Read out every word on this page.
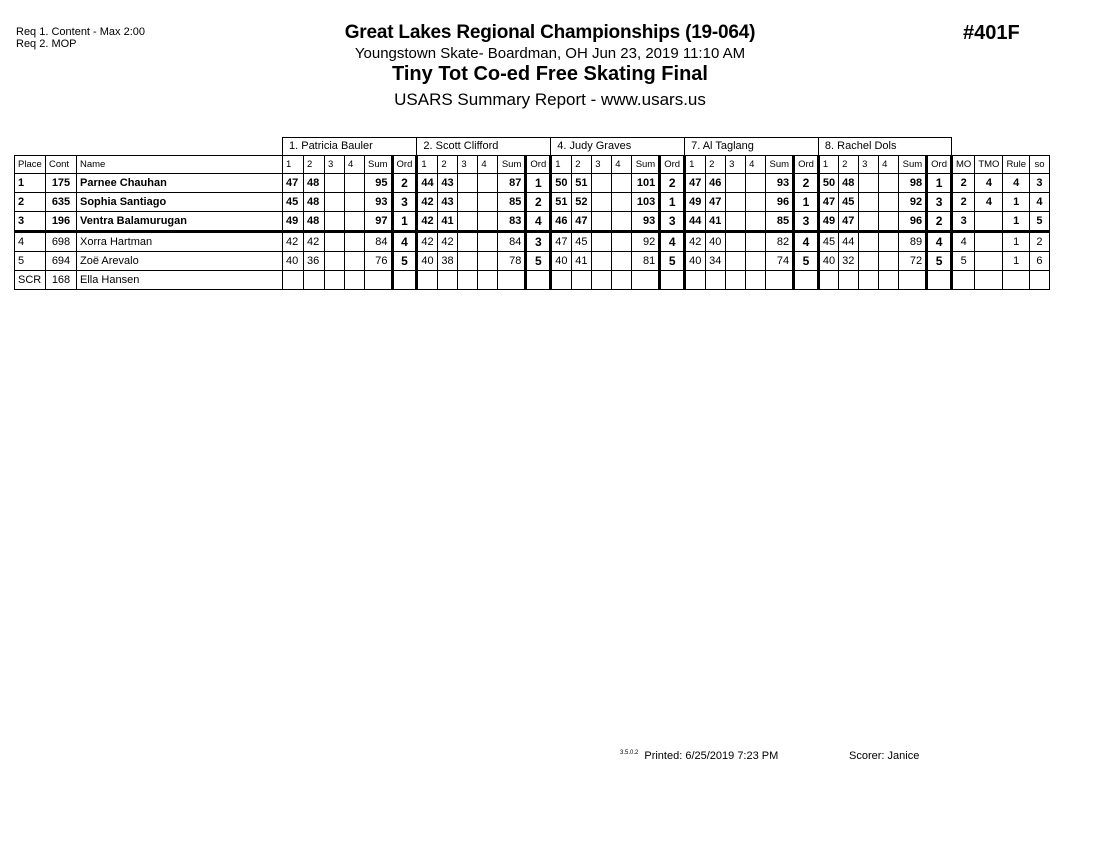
Req 1. Content - Max 2:00
Req 2. MOP
Great Lakes Regional Championships (19-064)
Youngstown Skate- Boardman, OH Jun 23, 2019 11:10 AM
Tiny Tot Co-ed Free Skating Final
USARS Summary Report - www.usars.us
#401F
			1. Patricia Bauler						2. Scott Clifford						4. Judy Graves						7. Al Taglang						8. Rachel Dols									
Place	Cont	Name	1	2	3	4	Sum	Ord	1	2	3	4	Sum	Ord	1	2	3	4	Sum	Ord	1	2	3	4	Sum	Ord	1	2	3	4	Sum	Ord	MO	TMO	Rule	so
1	175	Parnee Chauhan	47	48			95	2	44	43			87	1	50	51			101	2	47	46			93	2	50	48			98	1	2	4	4	3
2	635	Sophia Santiago	45	48			93	3	42	43			85	2	51	52			103	1	49	47			96	1	47	45			92	3	2	4	1	4
3	196	Ventra Balamurugan	49	48			97	1	42	41			83	4	46	47			93	3	44	41			85	3	49	47			96	2	3		1	5
4	698	Xorra Hartman	42	42			84	4	42	42			84	3	47	45			92	4	42	40			82	4	45	44			89	4	4		1	2
5	694	Zoë Arevalo	40	36			76	5	40	38			78	5	40	41			81	5	40	34			74	5	40	32			72	5	5		1	6
SCR	168	Ella Hansen																																		
$^{3.5.0.2}$ Printed: 6/25/2019 7:23 PM	Scorer: Janice
